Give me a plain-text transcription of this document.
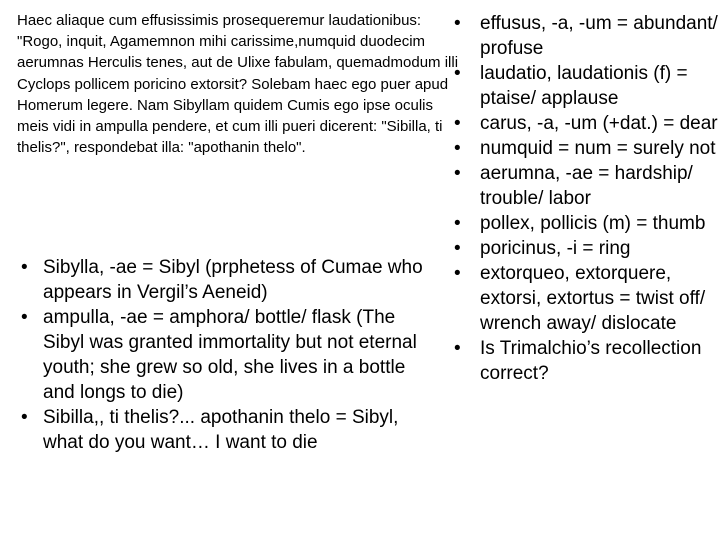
Haec aliaque cum effusissimis prosequeremur laudationibus: "Rogo, inquit, Agamemnon mihi carissime,numquid duodecim aerumnas Herculis tenes, aut de Ulixe fabulam, quemadmodum illi Cyclops pollicem poricino extorsit? Solebam haec ego puer apud Homerum legere. Nam Sibyllam quidem Cumis ego ipse oculis meis vidi in ampulla pendere, et cum illi pueri dicerent: "Sibilla, ti thelis?", respondebat illa: "apothanin thelo".
• Sibylla, -ae = Sibyl (prphetess of Cumae who appears in Vergil’s Aeneid)
• ampulla, -ae = amphora/ bottle/ flask (The Sibyl was granted immortality but not eternal youth; she grew so old, she lives in a bottle and longs to die)
• Sibilla,, ti thelis?... apothanin thelo = Sibyl, what do you want… I want to die
• effusus, -a, -um = abundant/ profuse
• laudatio, laudationis (f) = ptaise/ applause
• carus, -a, -um (+dat.) = dear
• numquid = num = surely not
• aerumna, -ae = hardship/ trouble/ labor
• pollex, pollicis (m) = thumb
• poricinus, -i = ring
• extorqueo, extorquere, extorsi, extortus = twist off/ wrench away/ dislocate
• Is Trimalchio’s recollection correct?
